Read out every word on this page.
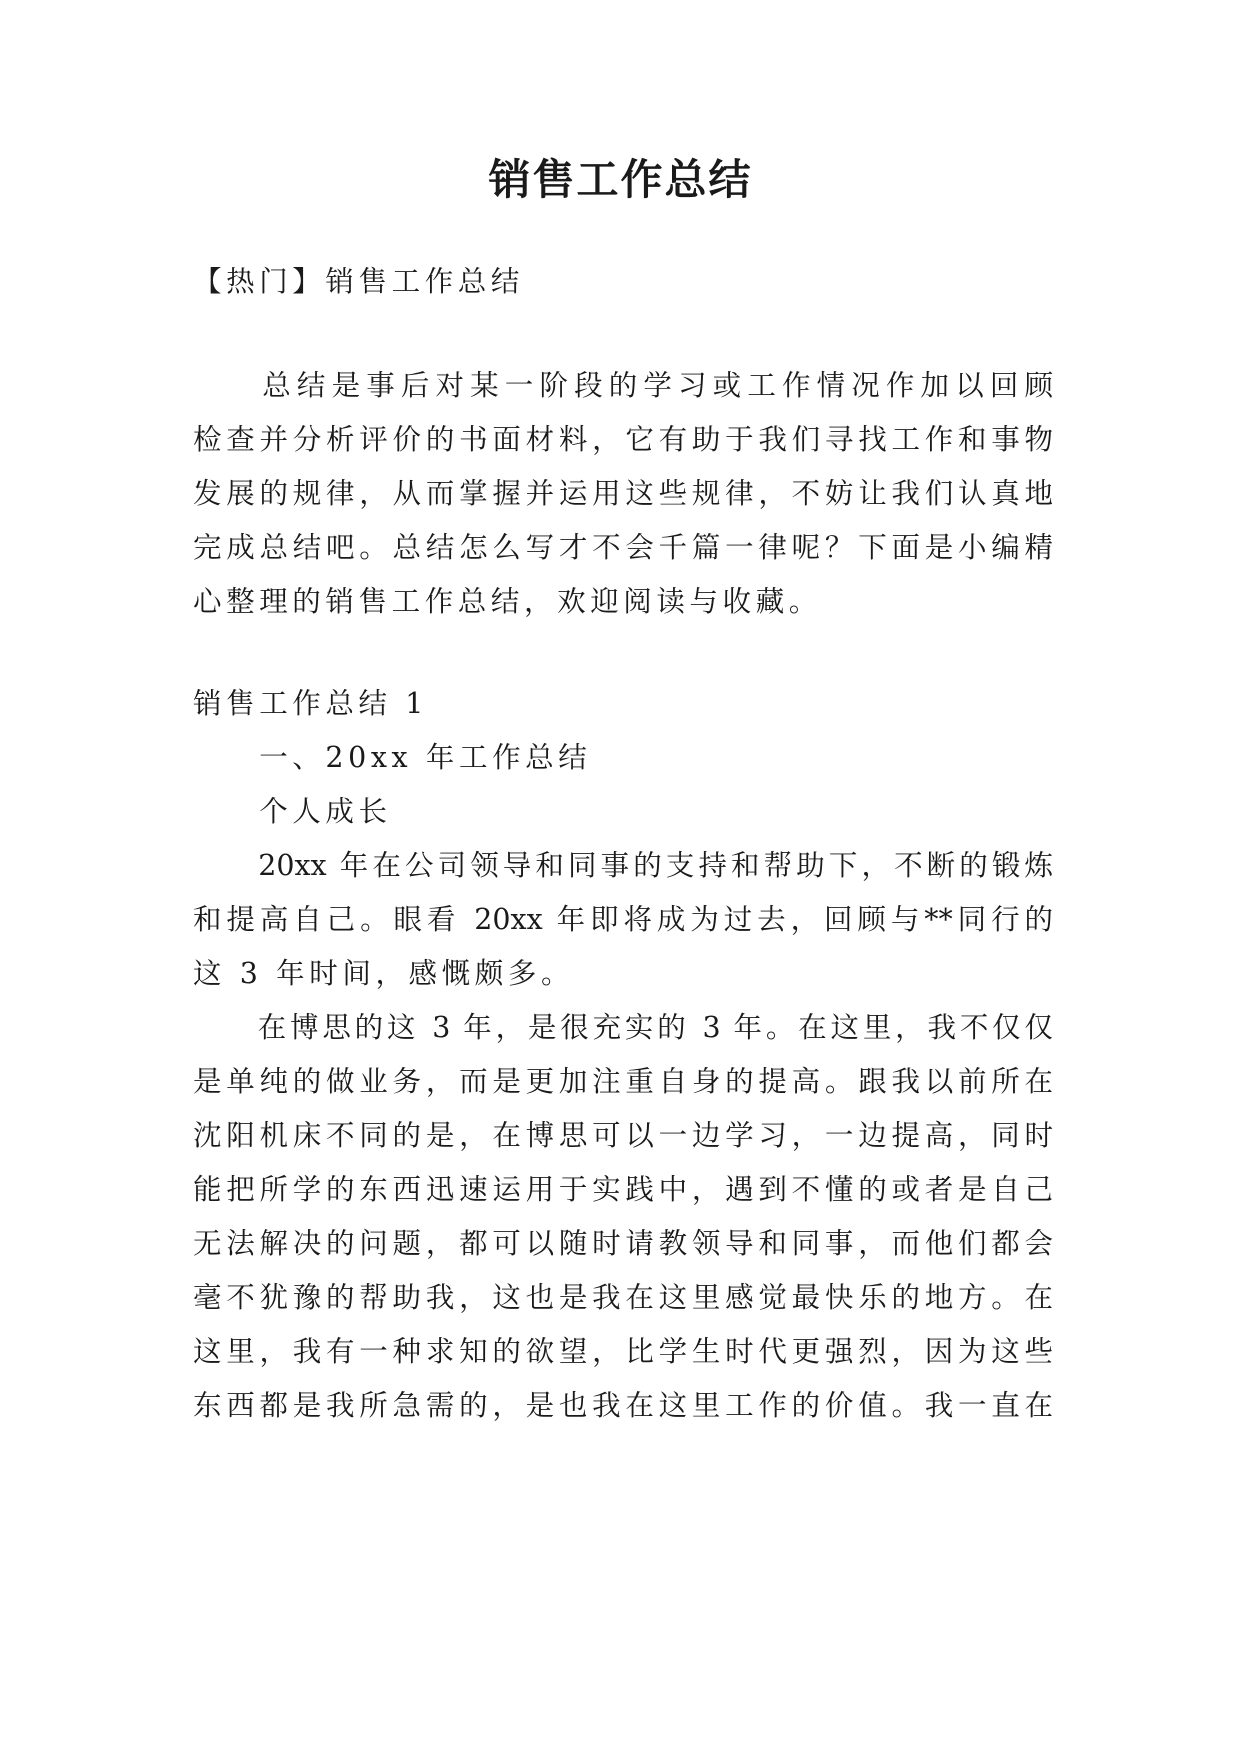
销售工作总结
【热门】销售工作总结
　　总结是事后对某一阶段的学习或工作情况作加以回顾
检查并分析评价的书面材料，它有助于我们寻找工作和事物
发展的规律，从而掌握并运用这些规律，不妨让我们认真地
完成总结吧。总结怎么写才不会千篇一律呢？下面是小编精
心整理的销售工作总结，欢迎阅读与收藏。
销售工作总结 1
　　一、20xx 年工作总结
　　个人成长
　　20xx 年在公司领导和同事的支持和帮助下，不断的锻炼
和提高自己。眼看 20xx 年即将成为过去，回顾与**同行的
这 3 年时间，感慨颇多。
　　在博思的这 3 年，是很充实的 3 年。在这里，我不仅仅
是单纯的做业务，而是更加注重自身的提高。跟我以前所在
沈阳机床不同的是，在博思可以一边学习，一边提高，同时
能把所学的东西迅速运用于实践中，遇到不懂的或者是自己
无法解决的问题，都可以随时请教领导和同事，而他们都会
毫不犹豫的帮助我，这也是我在这里感觉最快乐的地方。在
这里，我有一种求知的欲望，比学生时代更强烈，因为这些
东西都是我所急需的，是也我在这里工作的价值。我一直在
